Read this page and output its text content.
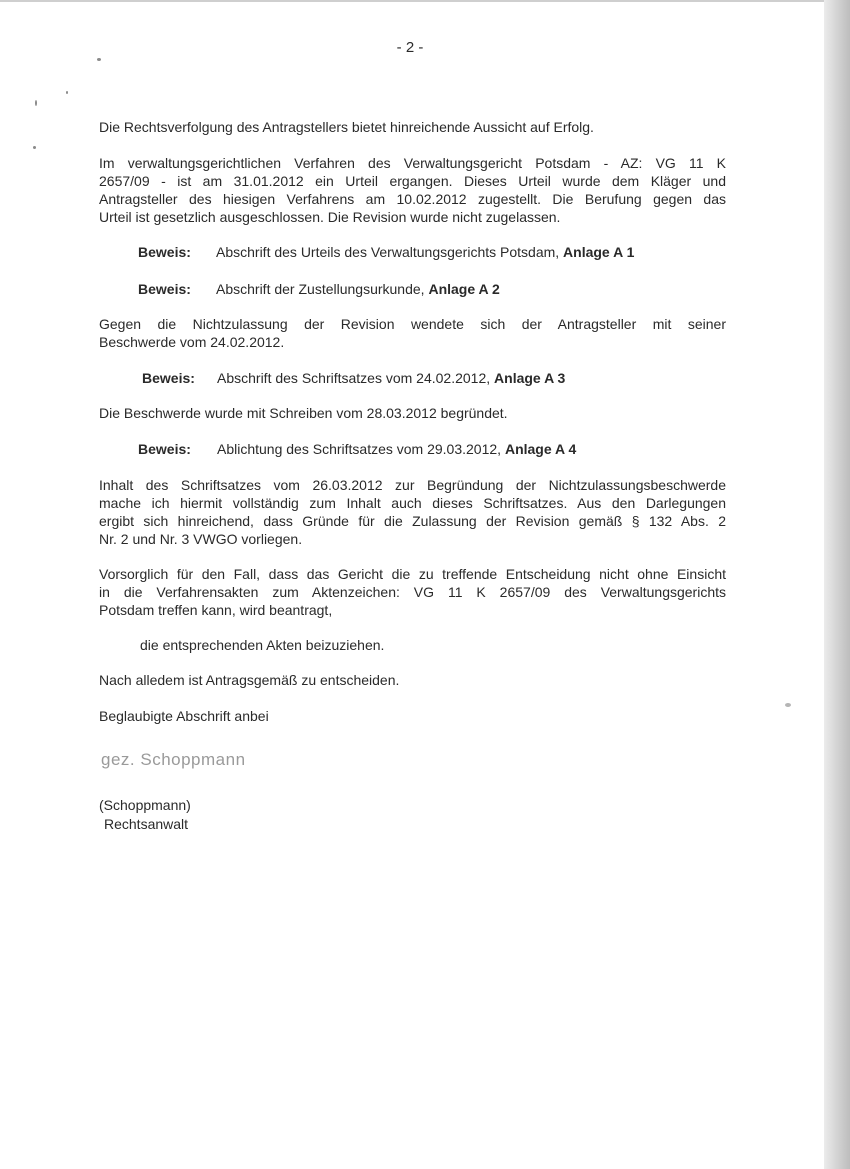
- 2 -
Die Rechtsverfolgung des Antragstellers bietet hinreichende Aussicht auf Erfolg.
Im verwaltungsgerichtlichen Verfahren des Verwaltungsgericht Potsdam - AZ: VG 11 K
2657/09 - ist am 31.01.2012 ein Urteil ergangen. Dieses Urteil wurde dem Kläger und
Antragsteller des hiesigen Verfahrens am 10.02.2012 zugestellt. Die Berufung gegen das
Urteil ist gesetzlich ausgeschlossen. Die Revision wurde nicht zugelassen.
Beweis: Abschrift des Urteils des Verwaltungsgerichts Potsdam, Anlage A 1
Beweis: Abschrift der Zustellungsurkunde, Anlage A 2
Gegen die Nichtzulassung der Revision wendete sich der Antragsteller mit seiner
Beschwerde vom 24.02.2012.
Beweis: Abschrift des Schriftsatzes vom 24.02.2012, Anlage A 3
Die Beschwerde wurde mit Schreiben vom 28.03.2012 begründet.
Beweis: Ablichtung des Schriftsatzes vom 29.03.2012, Anlage A 4
Inhalt des Schriftsatzes vom 26.03.2012 zur Begründung der Nichtzulassungsbeschwerde
mache ich hiermit vollständig zum Inhalt auch dieses Schriftsatzes. Aus den Darlegungen
ergibt sich hinreichend, dass Gründe für die Zulassung der Revision gemäß § 132 Abs. 2
Nr. 2 und Nr. 3 VWGO vorliegen.
Vorsorglich für den Fall, dass das Gericht die zu treffende Entscheidung nicht ohne Einsicht
in die Verfahrensakten zum Aktenzeichen: VG 11 K 2657/09 des Verwaltungsgerichts
Potsdam treffen kann, wird beantragt,
die entsprechenden Akten beizuziehen.
Nach alledem ist Antragsgemäß zu entscheiden.
Beglaubigte Abschrift anbei
gez. Schoppmann
(Schoppmann)
Rechtsanwalt
